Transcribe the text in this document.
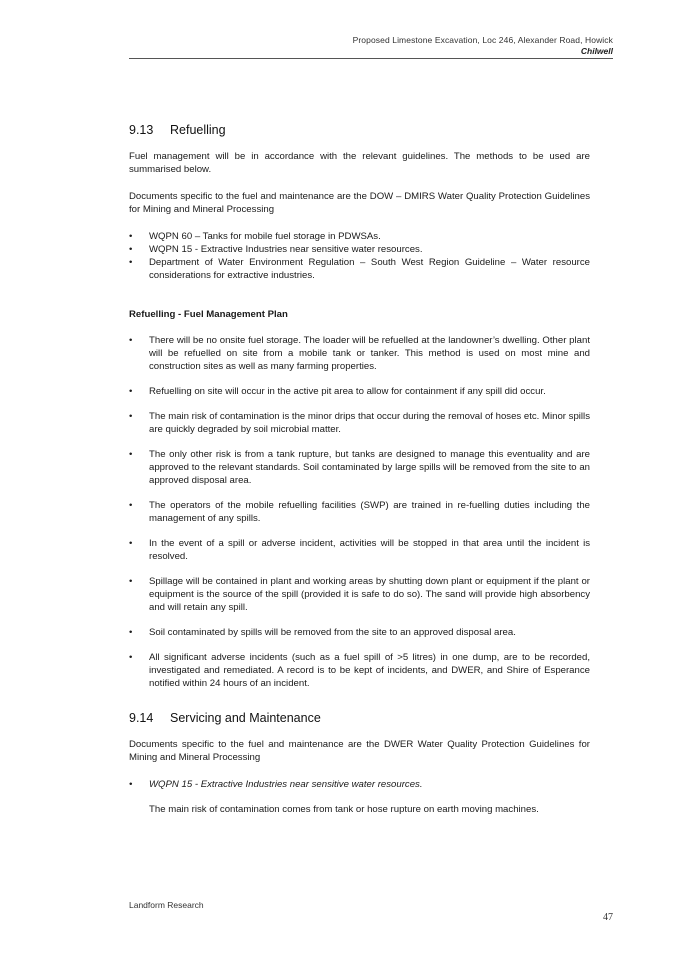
Proposed Limestone Excavation, Loc 246, Alexander Road, Howick
Chilwell
9.13 Refuelling

Fuel management will be in accordance with the relevant guidelines. The methods to be used are summarised below.

Documents specific to the fuel and maintenance are the DOW – DMIRS Water Quality Protection Guidelines for Mining and Mineral Processing

• WQPN 60 – Tanks for mobile fuel storage in PDWSAs.
• WQPN 15 - Extractive Industries near sensitive water resources.
• Department of Water Environment Regulation – South West Region Guideline – Water resource considerations for extractive industries.
Refuelling - Fuel Management Plan
• There will be no onsite fuel storage. The loader will be refuelled at the landowner’s dwelling. Other plant will be refuelled on site from a mobile tank or tanker. This method is used on most mine and construction sites as well as many farming properties.
• Refuelling on site will occur in the active pit area to allow for containment if any spill did occur.
• The main risk of contamination is the minor drips that occur during the removal of hoses etc. Minor spills are quickly degraded by soil microbial matter.
• The only other risk is from a tank rupture, but tanks are designed to manage this eventuality and are approved to the relevant standards. Soil contaminated by large spills will be removed from the site to an approved disposal area.
• The operators of the mobile refuelling facilities (SWP) are trained in re-fuelling duties including the management of any spills.
• In the event of a spill or adverse incident, activities will be stopped in that area until the incident is resolved.
• Spillage will be contained in plant and working areas by shutting down plant or equipment if the plant or equipment is the source of the spill (provided it is safe to do so). The sand will provide high absorbency and will retain any spill.
• Soil contaminated by spills will be removed from the site to an approved disposal area.
• All significant adverse incidents (such as a fuel spill of >5 litres) in one dump, are to be recorded, investigated and remediated. A record is to be kept of incidents, and DWER, and Shire of Esperance notified within 24 hours of an incident.
9.14 Servicing and Maintenance

Documents specific to the fuel and maintenance are the DWER Water Quality Protection Guidelines for Mining and Mineral Processing

• WQPN 15 - Extractive Industries near sensitive water resources.

The main risk of contamination comes from tank or hose rupture on earth moving machines.

Landform Research
47
